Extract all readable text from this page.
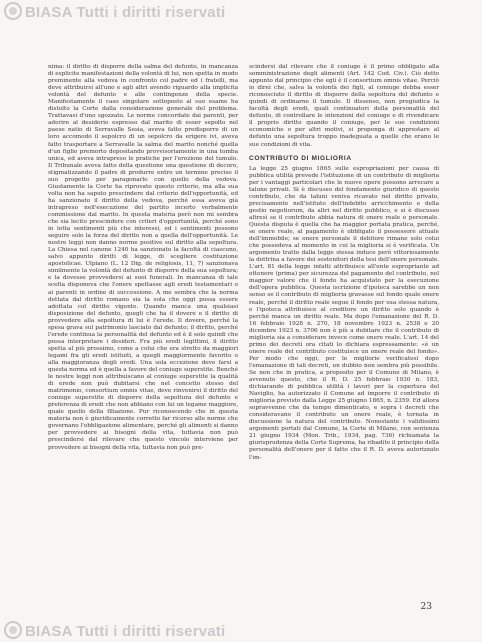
BIASA Tutti i diritti riservati

nima: il diritto di disporre della salma del defunto, in mancanza di esplicite manifestazioni della volontà di lui, non spetta in modo preminente alla vedova in confronto col padre ed i fratelli, ma deve attribuirsi all'uno e agli altri avendo riguardo alla implicita volontà del defunto e alle contingenze della specie. Manifestamente il caso singolare sottoposto al suo esame ha distolto la Corte dalla considerazione generale del problema. Trattavasi d'uno sgozzato. Le norme concordate dai parenti, per aderire al desiderio espresso dal marito di esser sepolto nel paese natio di Serravalle Sesia, aveva fatto predisporre di un loro accomodo il sepolcro di un sepolcro da erigere ivi, aveva fatto trasportare a Serravalle la salma del marito nonché quella d'un figlio premorto depositando provvisoriamente in una tomba unica, ed aveva intrapreso le pratiche per l'erezione del tumulo. Il Tribunale aveva fatto della questione una questione di decoro, stigmatizzando il padre di produrre entro un termine preciso il suo progetto per paragonarlo con quello della vedova. Giustamente la Corte ha riprovato questo criterio, ma alla sua volta non ha saputo prescindere dal criterio dell'opportunità, ed ha sanzionato il diritto della vedova, perché essa aveva già intrapreso nell'esecuzione del partito incerto verbalmente commissione dal marito. In questa materia però non mi sembra che sia lecito prescindere con criteri d'opportunità, perché sono in lotta sentimenti più che interessi, ed i sentimenti possono seguire solo la forza del diritto non a quella dell'opportunità. Le nostre leggi non danno norme positive sul diritto alla sepoltura. La Chiesa nel canone 1240 ha sanzionato la facoltà di ciascuno, salvo appunto diritti di legge, di scegliere costituzione apostolicae. Ulpiano (L. 12 Dig. de religiosis, 11, 7) sanzionava similmente la volontà del defunto di disporre della sua sepoltura; e la dovesse provvedersi ai suoi funerali. In mancanza di tale scelta disponeva che l'onere spettasse agli eredi testamentari o ai parenti in ordine di successione. A me sembra che la norma dettata dal diritto romano sia la sola che oggi possa essere adottata col diritto vigente. Quando manca una qualsiasi disposizione del defunto, quegli che ha il dovere e il diritto di provvedere alla sepoltura di lui è l'erede. Il dovere, perché la spesa grava sul patrimonio lasciato dal defunto; il diritto, perché l'erede continua la personalità del defunto ed è il solo quindi che possa interpretare i desideri. Fra più eredi legittimi, il diritto spetta al più prossimo, come a colui che era stretto da maggiori legami fra gli eredi istituiti, a quegli maggiormente favorito o alla maggioranza degli eredi. Una sola eccezione deve farsi a questa norma ed è quella a favore del coniuge superstite. Benché le nostre leggi non attribuiscano al coniuge superstite la qualità di erede non può dubitarsi che nel concetto stesso del matrimonio, consortium omnis vitae, deve rinvenirsi il diritto del coniuge superstite di disporre della sepoltura del defunto e preferenza di eredi che non abbiano con lui un legame maggiore, quale quello della filiazione. Pur riconoscendo che in questa materia non è giuridicamente corretto far ricorso alle norme che governano l'obbligazione alimentare, perché gli alimenti si danno per provvedere ai bisogni della vita, tuttavia non può prescindersi dal rilevare che questo vincolo interviene per provvedere ai bisogni della vita, tuttavia non può pre-

scindersi dal rilevare che il coniuge è il primo obbligato alla somministrazione degli alimenti (Art. 142 Cod. Civ.). Ciò detto appunto dal principio che egli è il consortium omnis vitae. Perciò io direi che, salva la volontà dei figli, al coniuge debba esser riconosciuto il diritto di disporre della sepoltura del defunto e quindi di ordinarne il tumulo. Il dissenso, non pregiudica la facoltà degli eredi, quali continuatori della personalità del defunto, di controllare le intenzioni del coniuge e di rivendicare il proprio diritto quando il coniuge, per le sue condizioni economiche o per altri motivi, si proponga di apprestare al defunto una sepoltura troppo inadeguata a quelle che erano le sue condizioni di vita.

CONTRIBUTO DI MIGLIORIA

La legge 25 giugno 1865 sulle espropriazioni per causa di pubblica utilità prevede l'istituzione di un contributo di miglioria per i vantaggi particolari che le nuove opere possono arrecare a talune privati. Si è discusso del fondamento giuridico di questo contributo, che da taluni veniva ricavato nel diritto privato, precisamente nell'istituto dell'indebito arricchimento e della gestio negotiorum, da altri nel diritto pubblico, e si è discusso altresì se il contributo abbia natura di onere reale o personale. Questa disputa è quella che ha maggior portata pratica, perché, se onere reale, al pagamento è obbligato il possessore attuale dell'immobile; se onere personale il debitore rimane solo colui che possedeva al momento in cui la miglioria si è verificata. Un argomento tratto dalla legge stessa induce però vittoriosamente la dottrina a favore dei sostenitori della tesi dell'onere personale. L'art. 81 della legge infatti attribuisce all'ente espropriante ad ottenere (prima) per sicurezza del pagamento del contributo, nel maggior valore che il fondo ha acquistato per la esecuzione dell'opera pubblica. Questa iscrizione d'ipoteca sarebbe un non senso se il contributo di miglioria gravasse sul fondo quale onere reale, perché il diritto reale segue il fondo per sua stessa natura, e l'ipoteca attribuisce al creditore un diritto solo quando è perché manca un diritto reale. Ma dopo l'emanazione del R. D. 16 febbraio 1928 n. 270, 18 novembre 1923 n. 2538 e 20 dicembre 1923 n. 3706 non è più a dubitare che il contributo di miglioria sia a considerare invece come onere reale. L'art. 14 del primo dei decreti ora citati lo dichiara espressamente: «è un onere reale del contributo costituisce un onere reale del fondo». Per modo che oggi, per le migliorie verificatesi dopo l'emanazione di tali decreti, un dubbio non sembra più possibile. Se non che in pratica, a proposito per il Comune di Milano, è avvenuto questo, che il R. D. 25 febbraio 1930 n. 183, dichiarando di pubblica utilità i lavori per la copertura del Naviglio, ha autorizzato il Comune ad imporre il contributo di miglioria previsto dalla Legge 25 giugno 1865, n. 2359. Ed allora sopravvenne che da tempo dimenticato, e sopra i decreti che consideravano il contributo un onere reale, è tornata in discussione la natura del contributo. Nonostante i validissimi argomenti portati dal Comune, la Corte di Milano, con sentenza 21 giugno 1934 (Mon. Trib., 1934, pag. 736) richiamata la giurisprudenza della Corte Suprema, ha ribadito il principio della personalità dell'onere per il fatto che il R. D. aveva autorizzato l'im-

23
BIASA Tutti i diritti riservati
